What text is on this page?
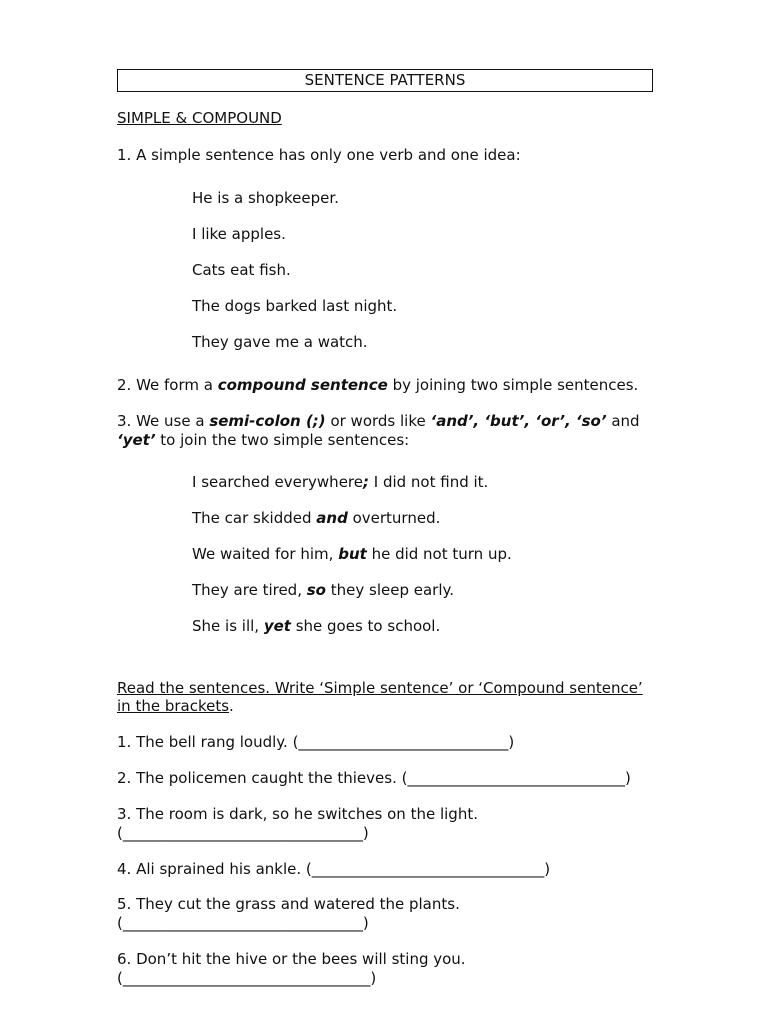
SENTENCE PATTERNS
SIMPLE & COMPOUND
1. A simple sentence has only one verb and one idea:
He is a shopkeeper.
I like apples.
Cats eat fish.
The dogs barked last night.
They gave me a watch.
2. We form a compound sentence by joining two simple sentences.
3. We use a semi-colon (;) or words like ‘and’, ‘but’, ‘or’, ‘so’ and
‘yet’ to join the two simple sentences:
I searched everywhere; I did not find it.
The car skidded and overturned.
We waited for him, but he did not turn up.
They are tired, so they sleep early.
She is ill, yet she goes to school.
Read the sentences. Write ‘Simple sentence’ or ‘Compound sentence’
in the brackets.
1. The bell rang loudly. (____________________________)
2. The policemen caught the thieves. (_____________________________)
3. The room is dark, so he switches on the light.
(________________________________)
4. Ali sprained his ankle. (_______________________________)
5. They cut the grass and watered the plants.
(________________________________)
6. Don’t hit the hive or the bees will sting you.
(_________________________________)
